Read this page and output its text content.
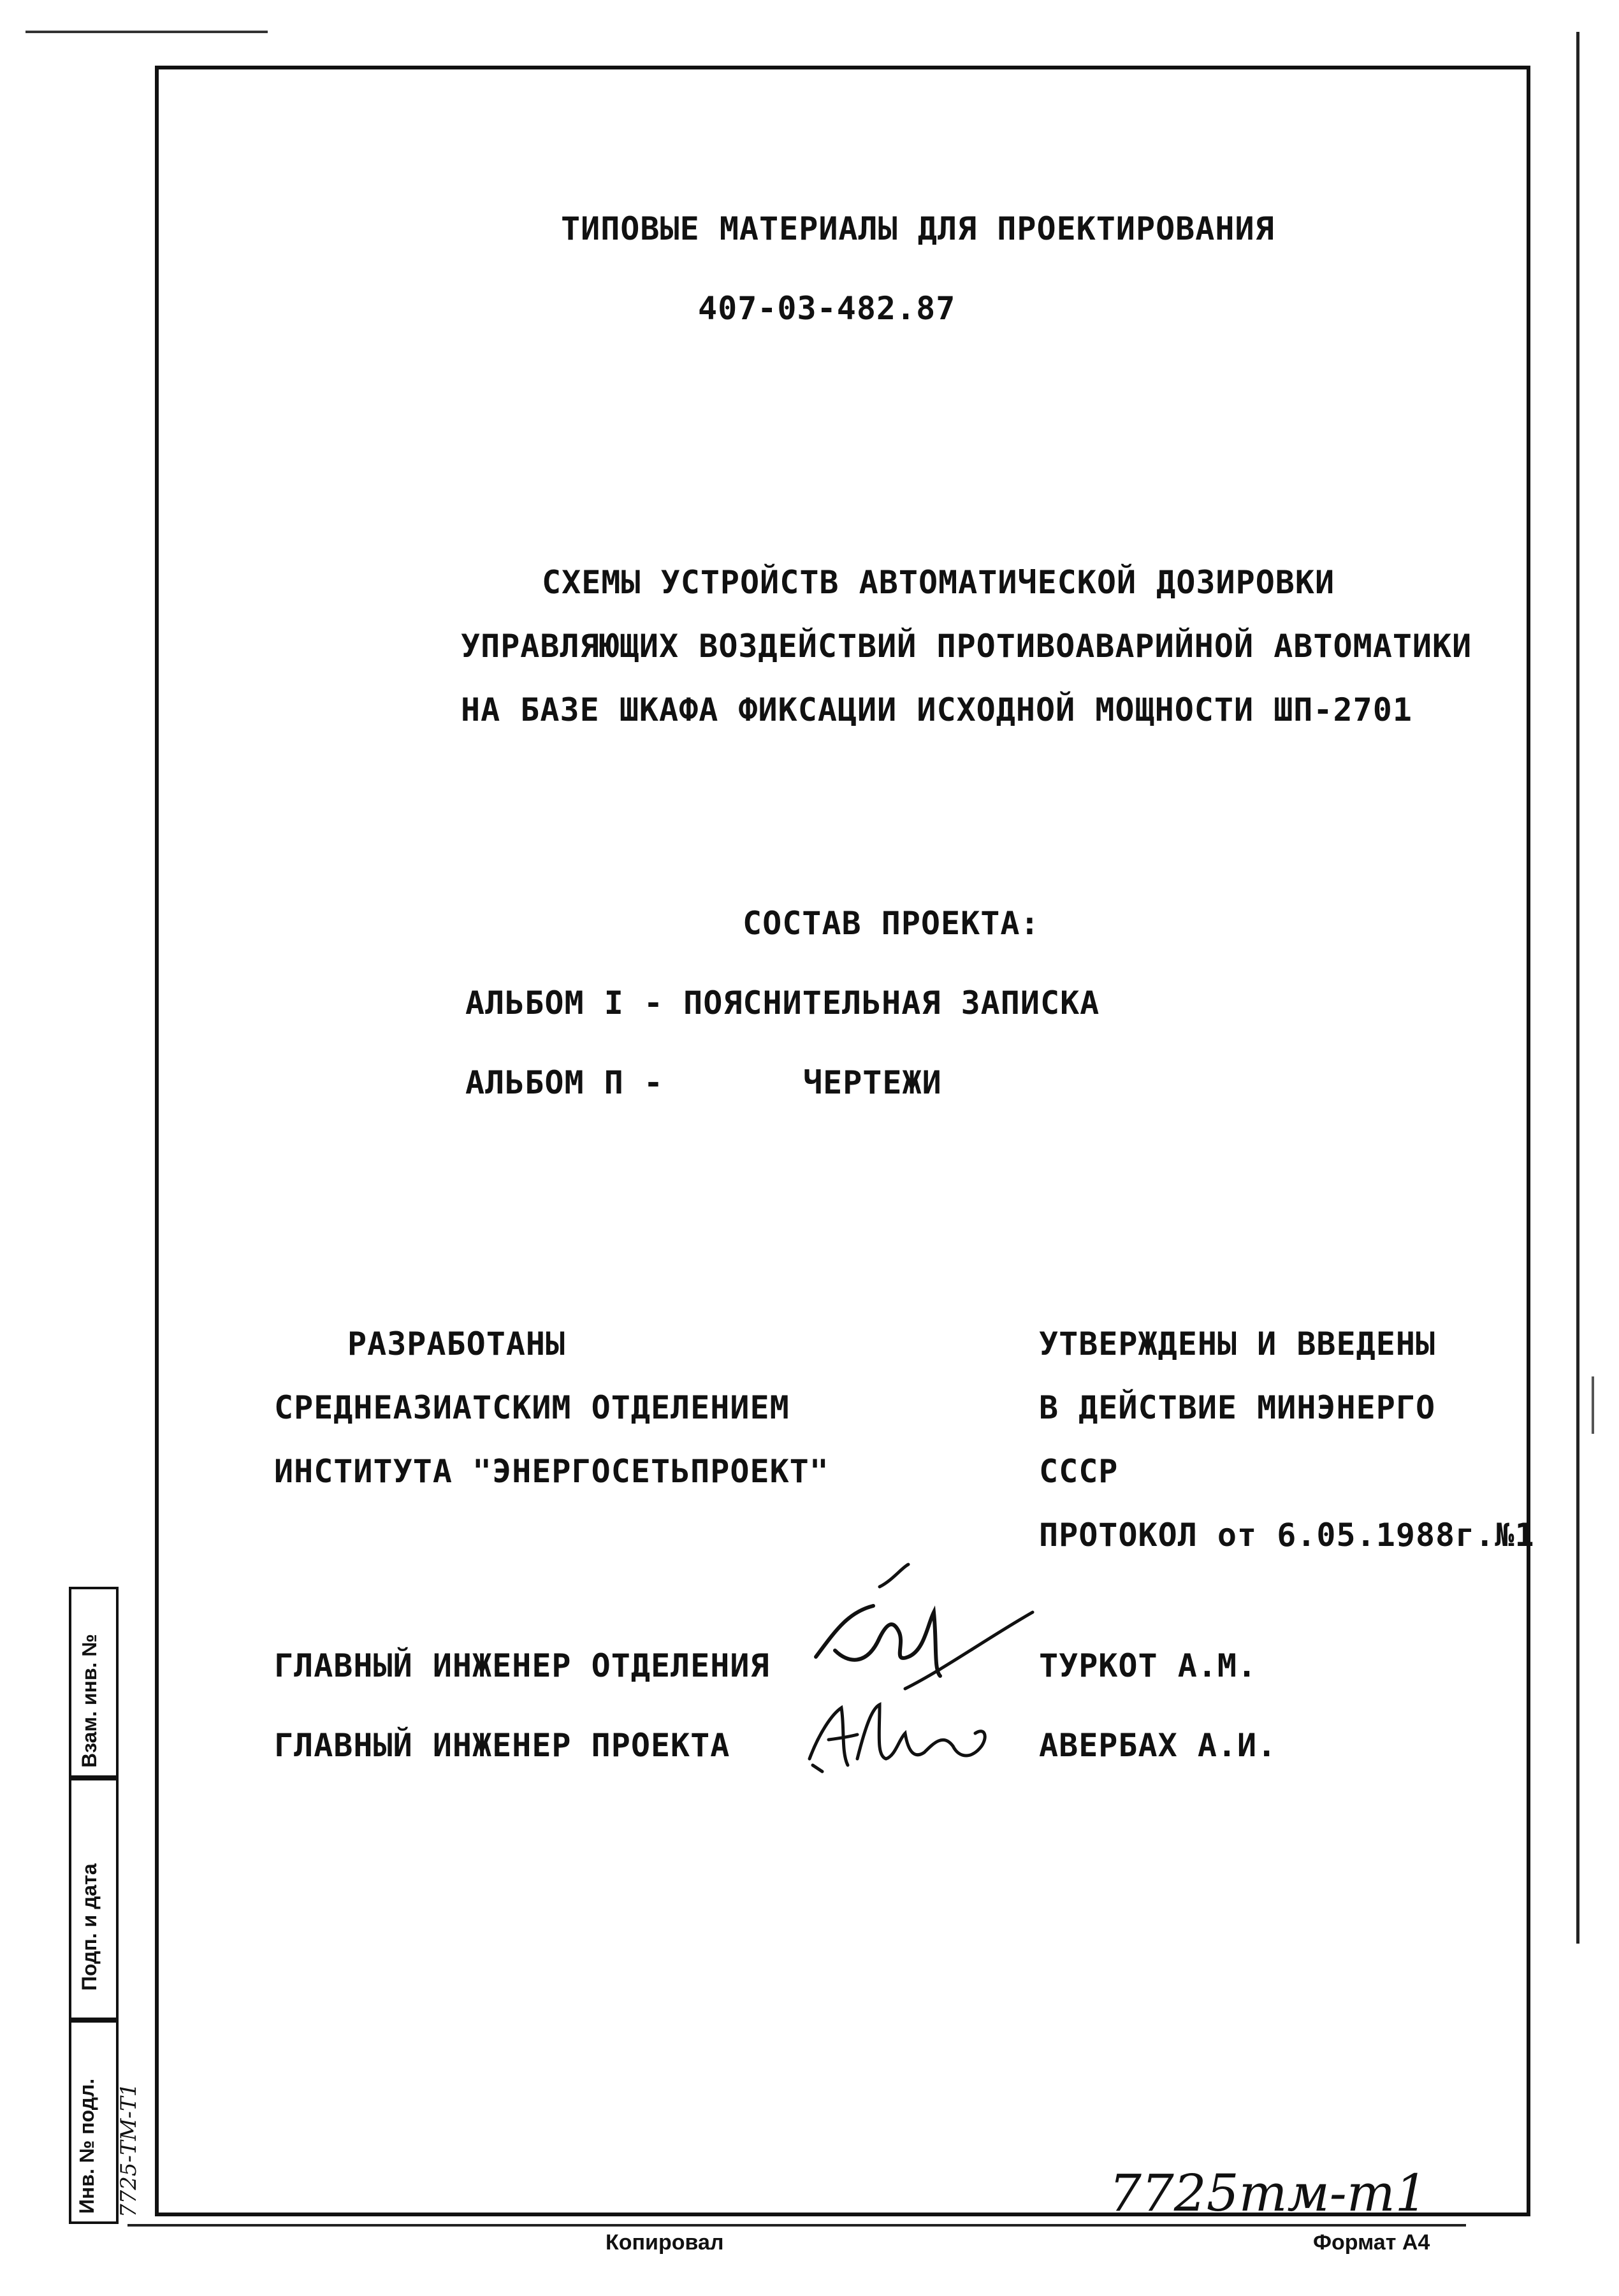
ТИПОВЫЕ МАТЕРИАЛЫ ДЛЯ ПРОЕКТИРОВАНИЯ
407-03-482.87
СХЕМЫ УСТРОЙСТВ АВТОМАТИЧЕСКОЙ ДОЗИРОВКИ
УПРАВЛЯЮЩИХ ВОЗДЕЙСТВИЙ ПРОТИВОАВАРИЙНОЙ АВТОМАТИКИ
НА БАЗЕ ШКАФА ФИКСАЦИИ ИСХОДНОЙ МОЩНОСТИ ШП-2701
СОСТАВ ПРОЕКТА:
АЛЬБОМ I - ПОЯСНИТЕЛЬНАЯ ЗАПИСКА
АЛЬБОМ П -	ЧЕРТЕЖИ
РАЗРАБОТАНЫ
СРЕДНЕАЗИАТСКИМ ОТДЕЛЕНИЕМ
ИНСТИТУТА "ЭНЕРГОСЕТЬПРОЕКТ"
УТВЕРЖДЕНЫ И ВВЕДЕНЫ
В ДЕЙСТВИЕ МИНЭНЕРГО
СССР
ПРОТОКОЛ от 6.05.1988г.№1
ГЛАВНЫЙ ИНЖЕНЕР ОТДЕЛЕНИЯ	ТУРКОТ А.М.
ГЛАВНЫЙ ИНЖЕНЕР ПРОЕКТА	АВЕРБАХ А.И.
Взам. инв. №
Подп. и дата
Инв. № подл. 7725-ТМ-Т1	7725тм-т1
Копировал	Формат А4
